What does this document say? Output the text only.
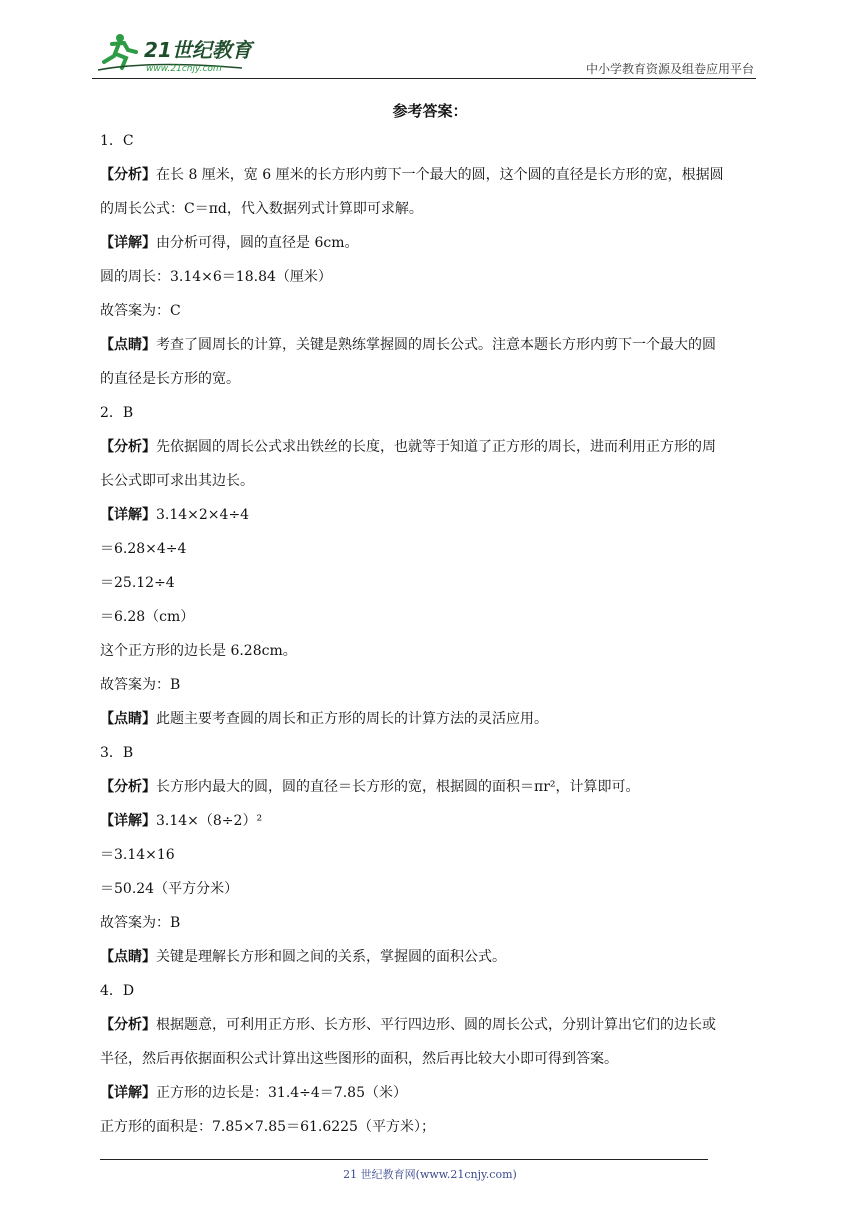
21世纪教育
www.21cnjy.com	中小学教育资源及组卷应用平台
参考答案：
1．C
【分析】在长 8 厘米，宽 6 厘米的长方形内剪下一个最大的圆，这个圆的直径是长方形的宽，根据圆
的周长公式：C＝πd，代入数据列式计算即可求解。
【详解】由分析可得，圆的直径是 6cm。
圆的周长：3.14×6＝18.84（厘米）
故答案为：C
【点睛】考查了圆周长的计算，关键是熟练掌握圆的周长公式。注意本题长方形内剪下一个最大的圆
的直径是长方形的宽。
2．B
【分析】先依据圆的周长公式求出铁丝的长度，也就等于知道了正方形的周长，进而利用正方形的周
长公式即可求出其边长。
【详解】3.14×2×4÷4
＝6.28×4÷4
＝25.12÷4
＝6.28（cm）
这个正方形的边长是 6.28cm。
故答案为：B
【点睛】此题主要考查圆的周长和正方形的周长的计算方法的灵活应用。
3．B
【分析】长方形内最大的圆，圆的直径＝长方形的宽，根据圆的面积＝πr²，计算即可。
【详解】3.14×（8÷2）²
＝3.14×16
＝50.24（平方分米）
故答案为：B
【点睛】关键是理解长方形和圆之间的关系，掌握圆的面积公式。
4．D
【分析】根据题意，可利用正方形、长方形、平行四边形、圆的周长公式，分别计算出它们的边长或
半径，然后再依据面积公式计算出这些图形的面积，然后再比较大小即可得到答案。
【详解】正方形的边长是：31.4÷4＝7.85（米）
正方形的面积是：7.85×7.85＝61.6225（平方米）；
21 世纪教育网(www.21cnjy.com)
